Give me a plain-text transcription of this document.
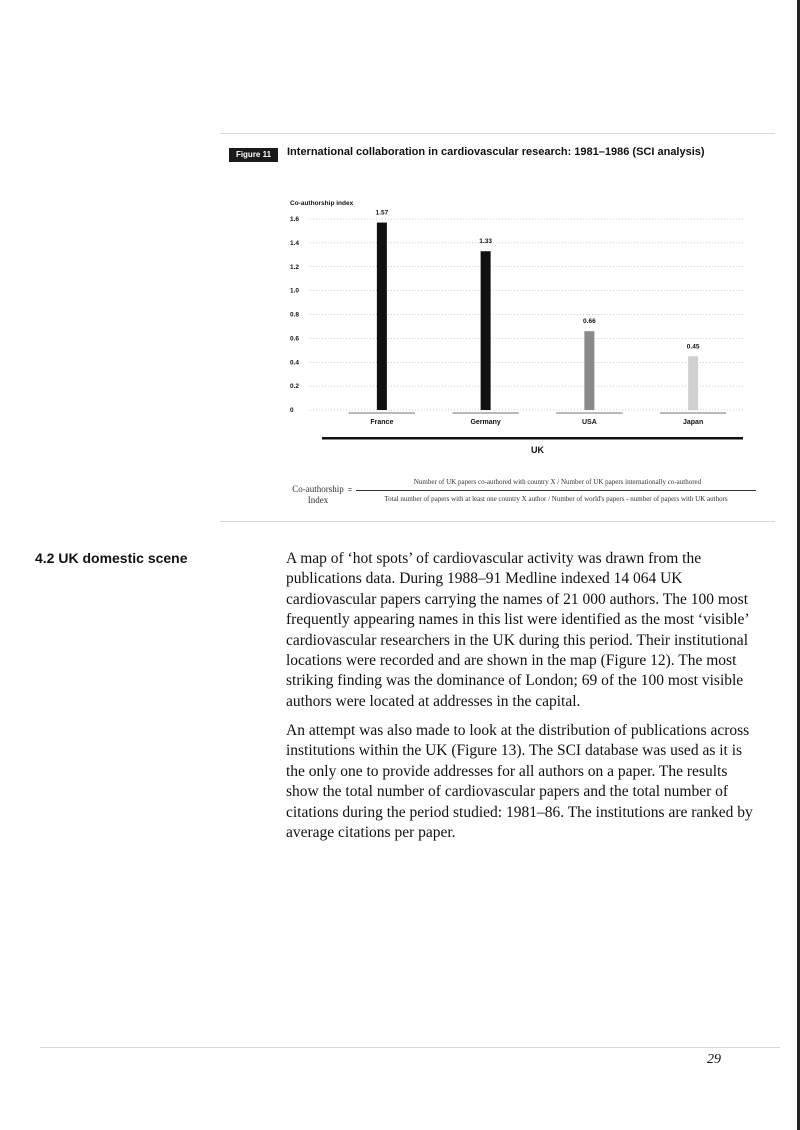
Figure 11	International collaboration in cardiovascular research: 1981–1986 (SCI analysis)
Co-authorship index
0
0.2
0.4
0.6
0.8
1.0
1.2
1.4
1.6
1.57
France
1.33
Germany
0.66
USA
0.45
Japan
UK
Co-authorship
Index
=
Number of UK papers co-authored with country X / Number of UK papers internationally co-authored
Total number of papers with at least one country X author / Number of world's papers - number of papers with UK authors
4.2 UK domestic scene	A map of ‘hot spots’ of cardiovascular activity was drawn from the publications data. During 1988–91 Medline indexed 14 064 UK cardiovascular papers carrying the names of 21 000 authors. The 100 most frequently appearing names in this list were identified as the most ‘visible’ cardiovascular researchers in the UK during this period. Their institutional locations were recorded and are shown in the map (Figure 12). The most striking finding was the dominance of London; 69 of the 100 most visible authors were located at addresses in the capital.

An attempt was also made to look at the distribution of publications across institutions within the UK (Figure 13). The SCI database was used as it is the only one to provide addresses for all authors on a paper. The results show the total number of cardiovascular papers and the total number of citations during the period studied: 1981–86. The institutions are ranked by average citations per paper.

29
